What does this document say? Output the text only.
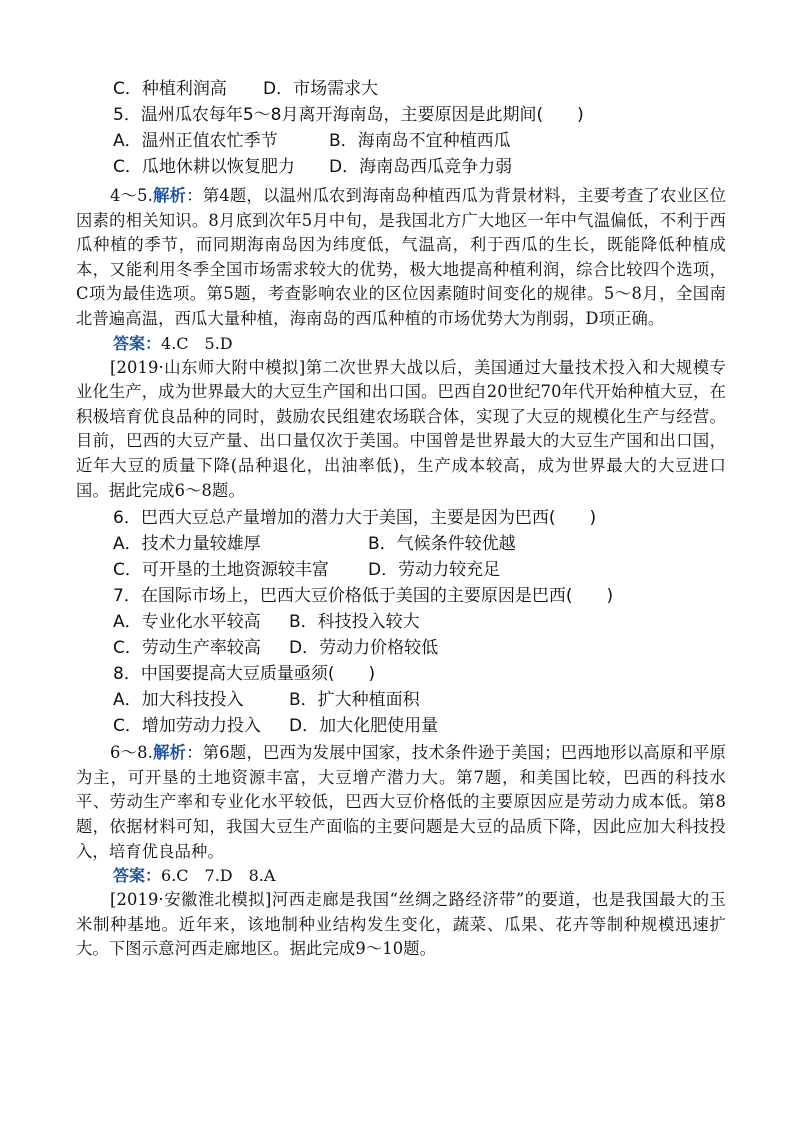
C．种植利润高 D．市场需求大
5．温州瓜农每年5～8月离开海南岛，主要原因是此期间(　　)
A．温州正值农忙季节	B．海南岛不宜种植西瓜
C．瓜地休耕以恢复肥力 D．海南岛西瓜竞争力弱

4～5.解析：第4题，以温州瓜农到海南岛种植西瓜为背景材料，主要考查了农业区位因素的相关知识。8月底到次年5月中旬，是我国北方广大地区一年中气温偏低，不利于西瓜种植的季节，而同期海南岛因为纬度低，气温高，利于西瓜的生长，既能降低种植成本，又能利用冬季全国市场需求较大的优势，极大地提高种植利润，综合比较四个选项，C项为最佳选项。第5题，考查影响农业的区位因素随时间变化的规律。5～8月，全国南北普遍高温，西瓜大量种植，海南岛的西瓜种植的市场优势大为削弱，D项正确。

答案：4.C　5.D

[2019·山东师大附中模拟]第二次世界大战以后，美国通过大量技术投入和大规模专业化生产，成为世界最大的大豆生产国和出口国。巴西自20世纪70年代开始种植大豆，在积极培育优良品种的同时，鼓励农民组建农场联合体，实现了大豆的规模化生产与经营。目前，巴西的大豆产量、出口量仅次于美国。中国曾是世界最大的大豆生产国和出口国，近年大豆的质量下降(品种退化，出油率低)，生产成本较高，成为世界最大的大豆进口国。据此完成6～8题。

6．巴西大豆总产量增加的潜力大于美国，主要是因为巴西(　　)
A．技术力量较雄厚	B．气候条件较优越
C．可开垦的土地资源较丰富 D．劳动力较充足
7．在国际市场上，巴西大豆价格低于美国的主要原因是巴西(　　)
A．专业化水平较高 B．科技投入较大
C．劳动生产率较高 D．劳动力价格较低
8．中国要提高大豆质量亟须(　　)
A．加大科技投入	B．扩大种植面积
C．增加劳动力投入 D．加大化肥使用量

6～8.解析：第6题，巴西为发展中国家，技术条件逊于美国；巴西地形以高原和平原为主，可开垦的土地资源丰富，大豆增产潜力大。第7题，和美国比较，巴西的科技水平、劳动生产率和专业化水平较低，巴西大豆价格低的主要原因应是劳动力成本低。第8题，依据材料可知，我国大豆生产面临的主要问题是大豆的品质下降，因此应加大科技投入，培育优良品种。

答案：6.C　7.D　8.A

[2019·安徽淮北模拟]河西走廊是我国“丝绸之路经济带”的要道，也是我国最大的玉米制种基地。近年来，该地制种业结构发生变化，蔬菜、瓜果、花卉等制种规模迅速扩大。下图示意河西走廊地区。据此完成9～10题。
